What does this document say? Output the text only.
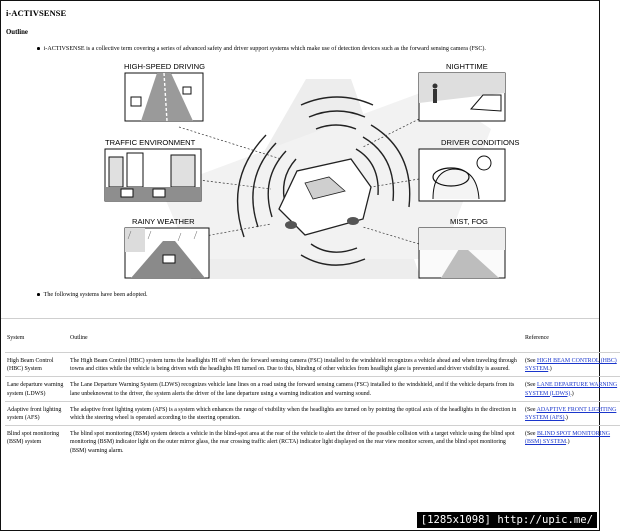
i-ACTIVSENSE
Outline
i-ACTIVSENSE is a collective term covering a series of advanced safety and driver support systems which make use of detection devices such as the forward sensing camera (FSC).
HIGH-SPEED DRIVING
TRAFFIC ENVIRONMENT
RAINY WEATHER
NIGHTTIME
DRIVER CONDITIONS
MIST, FOG
The following systems have been adopted.
System	Outline	Reference
High Beam Control (HBC) System	The High Beam Control (HBC) system turns the headlights HI off when the forward sensing camera (FSC) installed to the windshield recognizes a vehicle ahead and when traveling through towns and cities while the vehicle is being driven with the headlights HI turned on. Due to this, blinding of other vehicles from headlight glare is prevented and driver visibility is assured.	(See HIGH BEAM CONTROL (HBC) SYSTEM.)
Lane departure warning system (LDWS)	The Lane Departure Warning System (LDWS) recognizes vehicle lane lines on a road using the forward sensing camera (FSC) installed to the windshield, and if the vehicle departs from its lane unbeknownst to the driver, the system alerts the driver of the lane departure using a warning indication and warning sound.	(See LANE DEPARTURE WARNING SYSTEM (LDWS).)
Adaptive front lighting system (AFS)	The adaptive front lighting system (AFS) is a system which enhances the range of visibility when the headlights are turned on by pointing the optical axis of the headlights in the direction in which the steering wheel is operated according to the steering operation.	(See ADAPTIVE FRONT LIGHTING SYSTEM (AFS).)
Blind spot monitoring (BSM) system	The blind spot monitoring (BSM) system detects a vehicle in the blind-spot area at the rear of the vehicle to alert the driver of the possible collision with a target vehicle using the blind spot monitoring (BSM) indicator light on the outer mirror glass, the rear crossing traffic alert (RCTA) indicator light displayed on the rear view monitor screen, and the blind spot monitoring (BSM) warning alarm.	(See BLIND SPOT MONITORING (BSM) SYSTEM.)
[1285x1098] http://upic.me/
